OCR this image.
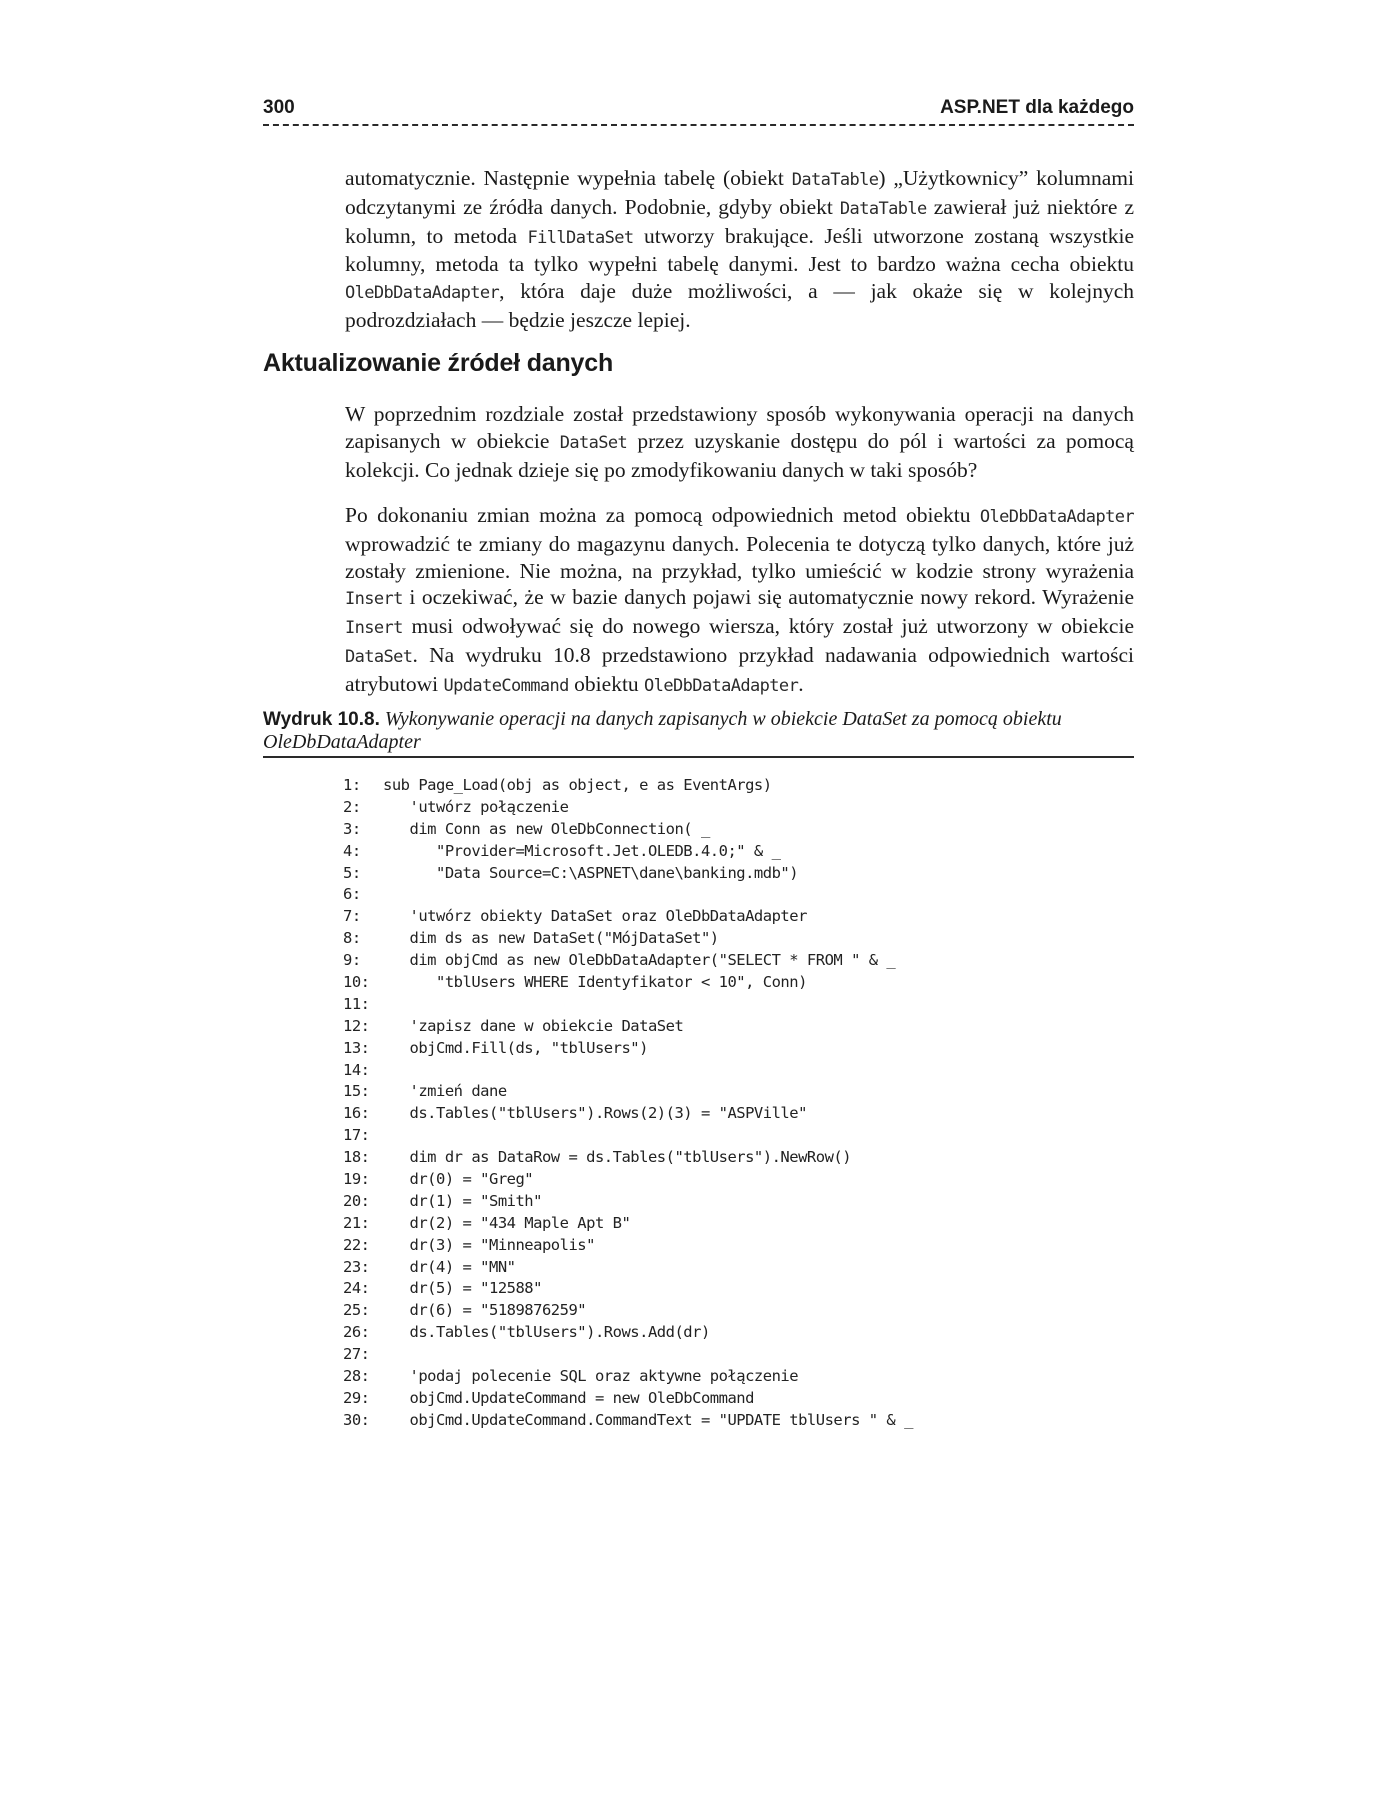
300	ASP.NET dla każdego

automatycznie. Następnie wypełnia tabelę (obiekt DataTable) „Użytkownicy” kolumnami odczytanymi ze źródła danych. Podobnie, gdyby obiekt DataTable zawierał już niektóre z kolumn, to metoda FillDataSet utworzy brakujące. Jeśli utworzone zostaną wszystkie kolumny, metoda ta tylko wypełni tabelę danymi. Jest to bardzo ważna cecha obiektu OleDbDataAdapter, która daje duże możliwości, a — jak okaże się w kolejnych podrozdziałach — będzie jeszcze lepiej.

Aktualizowanie źródeł danych

W poprzednim rozdziale został przedstawiony sposób wykonywania operacji na danych zapisanych w obiekcie DataSet przez uzyskanie dostępu do pól i wartości za pomocą kolekcji. Co jednak dzieje się po zmodyfikowaniu danych w taki sposób?

Po dokonaniu zmian można za pomocą odpowiednich metod obiektu OleDbDataAdapter wprowadzić te zmiany do magazynu danych. Polecenia te dotyczą tylko danych, które już zostały zmienione. Nie można, na przykład, tylko umieścić w kodzie strony wyrażenia Insert i oczekiwać, że w bazie danych pojawi się automatycznie nowy rekord. Wyrażenie Insert musi odwoływać się do nowego wiersza, który został już utworzony w obiekcie DataSet. Na wydruku 10.8 przedstawiono przykład nadawania odpowiednich wartości atrybutowi UpdateCommand obiektu OleDbDataAdapter.

Wydruk 10.8. Wykonywanie operacji na danych zapisanych w obiekcie DataSet za pomocą obiektu OleDbDataAdapter

1:	sub Page_Load(obj as object, e as EventArgs)
2:	'utwórz połączenie
3:	dim Conn as new OleDbConnection( _
4:	"Provider=Microsoft.Jet.OLEDB.4.0;" & _
5:	"Data Source=C:\ASPNET\dane\banking.mdb")
6:
7:	'utwórz obiekty DataSet oraz OleDbDataAdapter
8:	dim ds as new DataSet("MójDataSet")
9:	dim objCmd as new OleDbDataAdapter("SELECT * FROM " & _
10: "tblUsers WHERE Identyfikator < 10", Conn)
11:
12: 'zapisz dane w obiekcie DataSet
13: objCmd.Fill(ds, "tblUsers")
14:
15: 'zmień dane
16: ds.Tables("tblUsers").Rows(2)(3) = "ASPVille"
17:
18: dim dr as DataRow = ds.Tables("tblUsers").NewRow()
19: dr(0) = "Greg"
20: dr(1) = "Smith"
21: dr(2) = "434 Maple Apt B"
22: dr(3) = "Minneapolis"
23: dr(4) = "MN"
24: dr(5) = "12588"
25: dr(6) = "5189876259"
26: ds.Tables("tblUsers").Rows.Add(dr)
27:
28: 'podaj polecenie SQL oraz aktywne połączenie
29: objCmd.UpdateCommand = new OleDbCommand
30: objCmd.UpdateCommand.CommandText = "UPDATE tblUsers " & _
